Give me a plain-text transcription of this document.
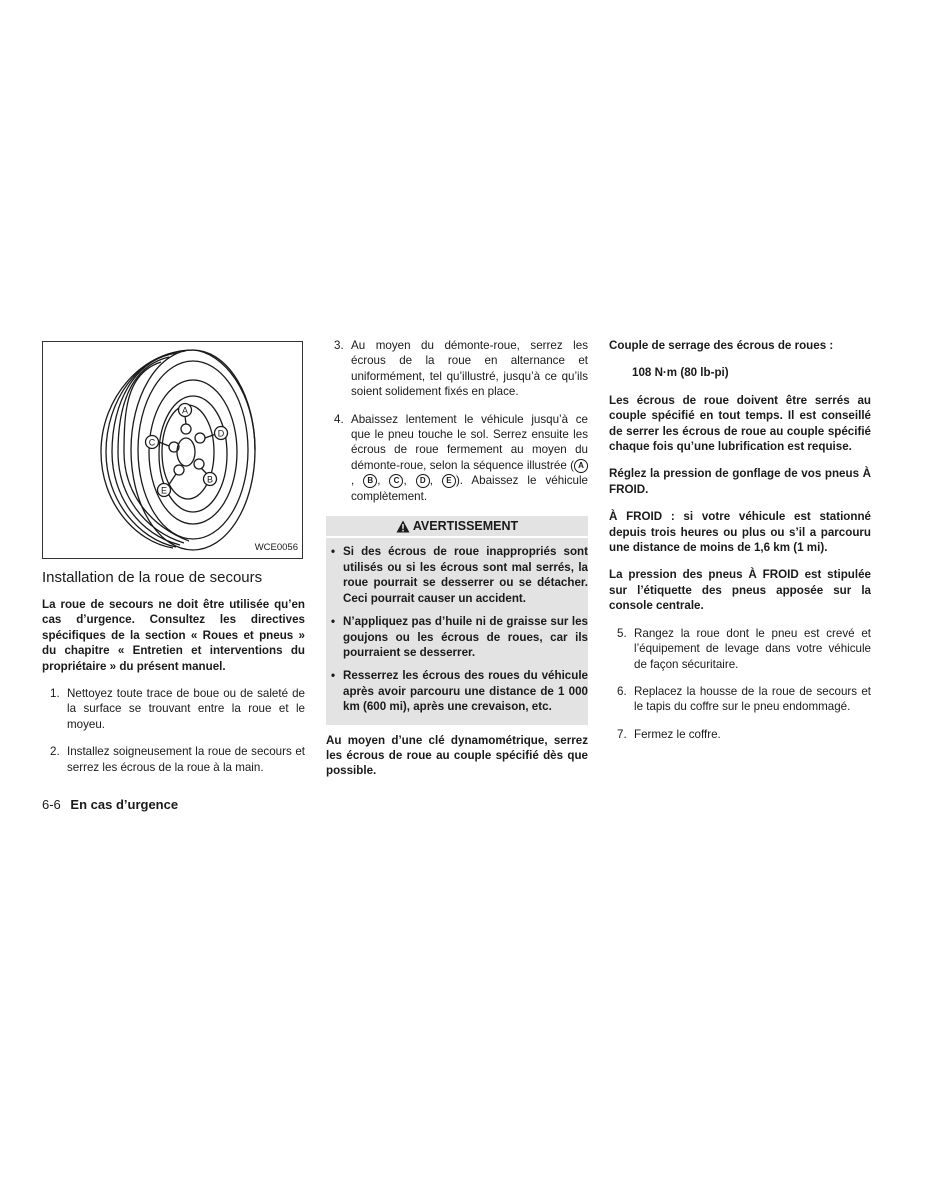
A
D
C
B
E
WCE0056
Installation de la roue de secours

La roue de secours ne doit être utilisée qu’en cas d’urgence. Consultez les directives spécifiques de la section « Roues et pneus » du chapitre « Entretien et interventions du propriétaire » du présent manuel.

1. Nettoyez toute trace de boue ou de saleté de la surface se trouvant entre la roue et le moyeu.
2. Installez soigneusement la roue de secours et serrez les écrous de la roue à la main.
3. Au moyen du démonte-roue, serrez les écrous de la roue en alternance et uniformément, tel qu’illustré, jusqu’à ce qu’ils soient solidement fixés en place.
4. Abaissez lentement le véhicule jusqu’à ce que le pneu touche le sol. Serrez ensuite les écrous de roue fermement au moyen du démonte-roue, selon la séquence illustrée ( A, B , C , D , E ). Abaissez le véhicule complètement.
AVERTISSEMENT
• Si des écrous de roue inappropriés sont utilisés ou si les écrous sont mal serrés, la roue pourrait se desserrer ou se détacher. Ceci pourrait causer un accident.
• N’appliquez pas d’huile ni de graisse sur les goujons ou les écrous de roues, car ils pourraient se desserrer.
• Resserrez les écrous des roues du véhicule après avoir parcouru une distance de 1 000 km (600 mi), après une crevaison, etc.

Au moyen d’une clé dynamométrique, serrez les écrous de roue au couple spécifié dès que possible.

Couple de serrage des écrous de roues :

108 N·m (80 lb-pi)

Les écrous de roue doivent être serrés au couple spécifié en tout temps. Il est conseillé de serrer les écrous de roue au couple spécifié chaque fois qu’une lubrification est requise.

Réglez la pression de gonflage de vos pneus À FROID.

À FROID : si votre véhicule est stationné depuis trois heures ou plus ou s’il a parcouru une distance de moins de 1,6 km (1 mi).

La pression des pneus À FROID est stipulée sur l’étiquette des pneus apposée sur la console centrale.

5. Rangez la roue dont le pneu est crevé et l’équipement de levage dans votre véhicule de façon sécuritaire.
6. Replacez la housse de la roue de secours et le tapis du coffre sur le pneu endommagé.
7. Fermez le coffre.
6-6 En cas d’urgence
